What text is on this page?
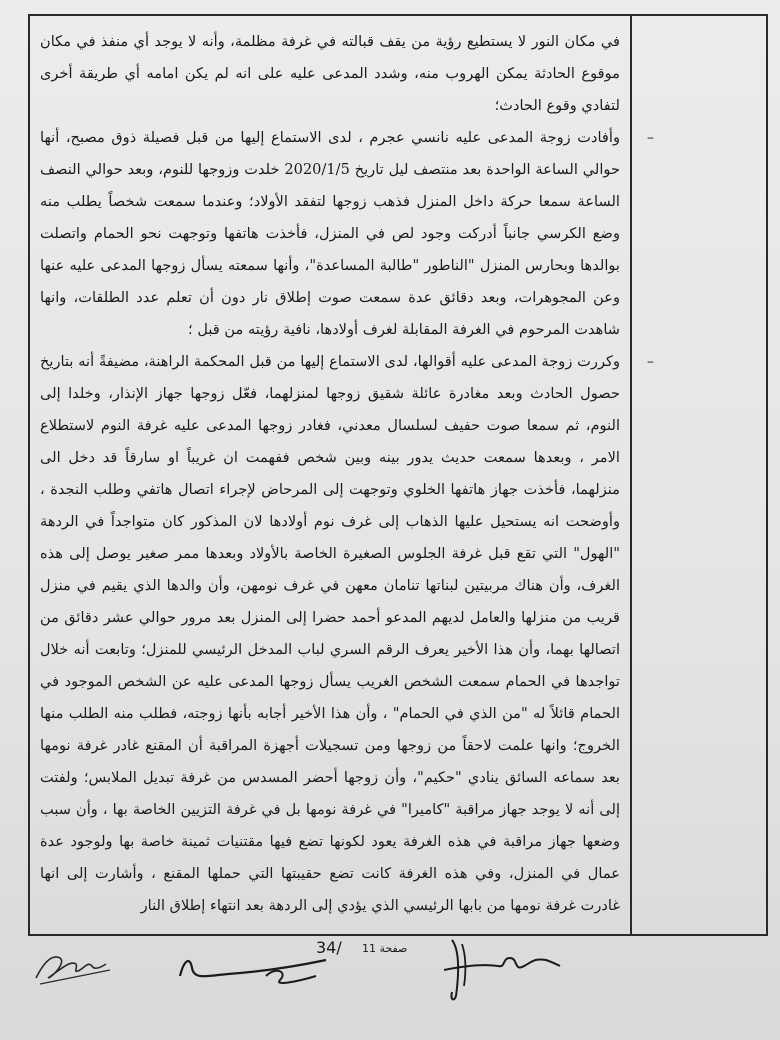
في مكان النور لا يستطيع رؤية من يقف قبالته في غرفة مظلمة، وأنه لا يوجد أي منفذ في مكان موقوع الحادثة يمكن الهروب منه، وشدد المدعى عليه على انه لم يكن امامه أي طريقة أخرى لتفادي وقوع الحادث؛

–
وأفادت زوجة المدعى عليه نانسي عجرم ، لدى الاستماع إليها من قبل فصيلة ذوق مصبح، أنها حوالي الساعة الواحدة بعد منتصف ليل تاريخ 2020/1/5 خلدت وزوجها للنوم، وبعد حوالي النصف الساعة سمعا حركة داخل المنزل فذهب زوجها لتفقد الأولاد؛ وعندما سمعت شخصاً يطلب منه وضع الكرسي جانباً أدركت وجود لص في المنزل، فأخذت هاتفها وتوجهت نحو الحمام واتصلت بوالدها وبحارس المنزل "الناطور "طالبة المساعدة"، وأنها سمعته يسأل زوجها المدعى عليه عنها وعن المجوهرات، وبعد دقائق عدة سمعت صوت إطلاق نار دون أن تعلم عدد الطلقات، وانها شاهدت المرحوم في الغرفة المقابلة لغرف أولادها، نافية رؤيته من قبل ؛

–
وكررت زوجة المدعى عليه أقوالها، لدى الاستماع إليها من قبل المحكمة الراهنة، مضيفةً أنه بتاريخ حصول الحادث وبعد مغادرة عائلة شقيق زوجها لمنزلهما، فعّل زوجها جهاز الإنذار، وخلدا إلى النوم، ثم سمعا صوت حفيف لسلسال معدني، فغادر زوجها المدعى عليه غرفة النوم لاستطلاع الامر ، وبعدها سمعت حديث يدور بينه وبين شخص ففهمت ان غريباً او سارقاً قد دخل الى منزلهما، فأخذت جهاز هاتفها الخلوي وتوجهت إلى المرحاض لإجراء اتصال هاتفي وطلب النجدة ، وأوضحت انه يستحيل عليها الذهاب إلى غرف نوم أولادها لان المذكور كان متواجداً في الردهة "الهول" التي تقع قبل غرفة الجلوس الصغيرة الخاصة بالأولاد وبعدها ممر صغير يوصل إلى هذه الغرف، وأن هناك مربيتين لبناتها تنامان معهن في غرف نومهن، وأن والدها الذي يقيم في منزل قريب من منزلها والعامل لديهم المدعو أحمد حضرا إلى المنزل بعد مرور حوالي عشر دقائق من اتصالها بهما، وأن هذا الأخير يعرف الرقم السري لباب المدخل الرئيسي للمنزل؛ وتابعت أنه خلال تواجدها في الحمام سمعت الشخص الغريب يسأل زوجها المدعى عليه عن الشخص الموجود في الحمام قائلاً له "من الذي في الحمام" ، وأن هذا الأخير أجابه بأنها زوجته، فطلب منه الطلب منها الخروج؛ وانها علمت لاحقاً من زوجها ومن تسجيلات أجهزة المراقبة أن المقنع غادر غرفة نومها بعد سماعه السائق ينادي "حكيم"، وأن زوجها أحضر المسدس من غرفة تبديل الملابس؛ ولفتت إلى أنه لا يوجد جهاز مراقبة "كاميرا" في غرفة نومها بل في غرفة التزيين الخاصة بها ، وأن سبب وضعها جهاز مراقبة في هذه الغرفة يعود لكونها تضع فيها مقتنيات ثمينة خاصة بها ولوجود عدة عمال في المنزل، وفي هذه الغرفة كانت تضع حقيبتها التي حملها المقنع ، وأشارت إلى انها غادرت غرفة نومها من بابها الرئيسي الذي يؤدي إلى الردهة بعد انتهاء إطلاق النار

34/ صفحة 11
